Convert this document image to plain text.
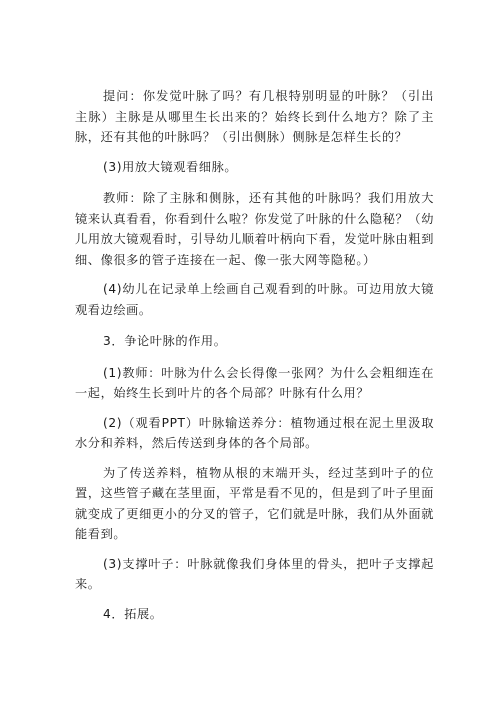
提问：你发觉叶脉了吗？有几根特别明显的叶脉？（引出主脉）主脉是从哪里生长出来的？始终长到什么地方？除了主脉，还有其他的叶脉吗？（引出侧脉）侧脉是怎样生长的？

(3)用放大镜观看细脉。

教师：除了主脉和侧脉，还有其他的叶脉吗？我们用放大镜来认真看看，你看到什么啦？你发觉了叶脉的什么隐秘？（幼儿用放大镜观看时，引导幼儿顺着叶柄向下看，发觉叶脉由粗到细、像很多的管子连接在一起、像一张大网等隐秘。）

(4)幼儿在记录单上绘画自己观看到的叶脉。可边用放大镜观看边绘画。

3．争论叶脉的作用。

(1)教师：叶脉为什么会长得像一张网？为什么会粗细连在一起，始终生长到叶片的各个局部？叶脉有什么用？

(2)（观看PPT）叶脉输送养分：植物通过根在泥土里汲取水分和养料，然后传送到身体的各个局部。

为了传送养料，植物从根的末端开头，经过茎到叶子的位置，这些管子藏在茎里面，平常是看不见的，但是到了叶子里面就变成了更细更小的分叉的管子，它们就是叶脉，我们从外面就能看到。

(3)支撑叶子：叶脉就像我们身体里的骨头，把叶子支撑起来。

4．拓展。
